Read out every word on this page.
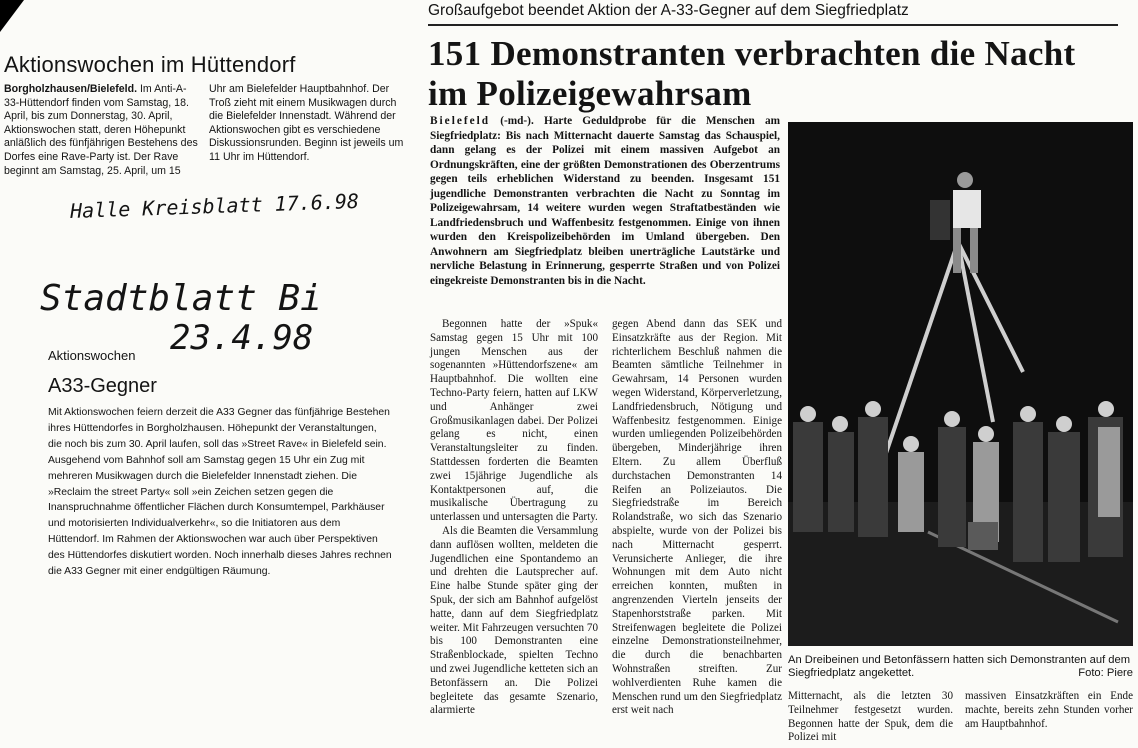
Aktionswochen im Hüttendorf
Borgholzhausen/Bielefeld. Im Anti-A-33-Hüttendorf finden vom Samstag, 18. April, bis zum Donnerstag, 30. April, Aktionswochen statt, deren Höhepunkt anläßlich des fünfjährigen Bestehens des Dorfes eine Rave-Party ist. Der Rave beginnt am Samstag, 25. April, um 15 Uhr am Bielefelder Hauptbahnhof. Der Troß zieht mit einem Musikwagen durch die Bielefelder Innenstadt. Während der Aktionswochen gibt es verschiedene Diskussionsrunden. Beginn ist jeweils um 11 Uhr im Hüttendorf.
Halle Kreisblatt 17.6.98
Stadtblatt Bi
23.4.98
Aktionswochen
A33-Gegner
Mit Aktionswochen feiern derzeit die A33 Gegner das fünfjährige Bestehen ihres Hüttendorfes in Borgholzhausen. Höhepunkt der Veranstaltungen, die noch bis zum 30. April laufen, soll das »Street Rave« in Bielefeld sein. Ausgehend vom Bahnhof soll am Samstag gegen 15 Uhr ein Zug mit mehreren Musikwagen durch die Bielefelder Innenstadt ziehen. Die »Reclaim the street Party« soll »ein Zeichen setzen gegen die Inanspruchnahme öffentlicher Flächen durch Konsumtempel, Parkhäuser und motorisierten Individualverkehr«, so die Initiatoren aus dem Hüttendorf. Im Rahmen der Aktionswochen war auch über Perspektiven des Hüttendorfes diskutiert worden. Noch innerhalb dieses Jahres rechnen die A33 Gegner mit einer endgültigen Räumung.
Großaufgebot beendet Aktion der A-33-Gegner auf dem Siegfriedplatz
151 Demonstranten verbrachten die Nacht im Polizeigewahrsam
Bielefeld (-md-). Harte Geduldprobe für die Menschen am Siegfriedplatz: Bis nach Mitternacht dauerte Samstag das Schauspiel, dann gelang es der Polizei mit einem massiven Aufgebot an Ordnungskräften, eine der größten Demonstrationen des Oberzentrums gegen teils erheblichen Widerstand zu beenden. Insgesamt 151 jugendliche Demonstranten verbrachten die Nacht zu Sonntag im Polizeigewahrsam, 14 weitere wurden wegen Straftatbeständen wie Landfriedensbruch und Waffenbesitz festgenommen. Einige von ihnen wurden den Kreispolizeibehörden im Umland übergeben. Den Anwohnern am Siegfriedplatz bleiben unerträgliche Lautstärke und nervliche Belastung in Erinnerung, gesperrte Straßen und von Polizei eingekreiste Demonstranten bis in die Nacht.

Begonnen hatte der »Spuk« Samstag gegen 15 Uhr mit 100 jungen Menschen aus der sogenannten »Hüttendorfszene« am Hauptbahnhof. Die wollten eine Techno-Party feiern, hatten auf LKW und Anhänger zwei Großmusikanlagen dabei. Der Polizei gelang es nicht, einen Veranstaltungsleiter zu finden. Stattdessen forderten die Beamten zwei 15jährige Jugendliche als Kontaktpersonen auf, die musikalische Übertragung zu unterlassen und untersagten die Party.

Als die Beamten die Versammlung dann auflösen wollten, meldeten die Jugendlichen eine Spontandemo an und drehten die Lautsprecher auf. Eine halbe Stunde später ging der Spuk, der sich am Bahnhof aufgelöst hatte, dann auf dem Siegfriedplatz weiter. Mit Fahrzeugen versuchten 70 bis 100 Demonstranten eine Straßenblockade, spielten Techno und zwei Jugendliche ketteten sich an Betonfässern an. Die Polizei begleitete das gesamte Szenario, alarmierte

gegen Abend dann das SEK und Einsatzkräfte aus der Region. Mit richterlichem Beschluß nahmen die Beamten sämtliche Teilnehmer in Gewahrsam, 14 Personen wurden wegen Widerstand, Körperverletzung, Landfriedensbruch, Nötigung und Waffenbesitz festgenommen. Einige wurden umliegenden Polizeibehörden übergeben, Minderjährige ihren Eltern. Zu allem Überfluß durchstachen Demonstranten 14 Reifen an Polizeiautos. Die Siegfriedstraße im Bereich Rolandstraße, wo sich das Szenario abspielte, wurde von der Polizei bis nach Mitternacht gesperrt. Verunsicherte Anlieger, die ihre Wohnungen mit dem Auto nicht erreichen konnten, mußten in angrenzenden Vierteln jenseits der Stapenhorststraße parken. Mit Streifenwagen begleitete die Polizei einzelne Demonstrationsteilnehmer, die durch die benachbarten Wohnstraßen streiften. Zur wohlverdienten Ruhe kamen die Menschen rund um den Siegfriedplatz erst weit nach

An Dreibeinen und Betonfässern hatten sich Demonstranten auf dem Siegfriedplatz angekettet.	Foto: Piere
Mitternacht, als die letzten 30 Teilnehmer festgesetzt wurden. Begonnen hatte der Spuk, dem die Polizei mit
massiven Einsatzkräften ein Ende machte, bereits zehn Stunden vorher am Hauptbahnhof.
